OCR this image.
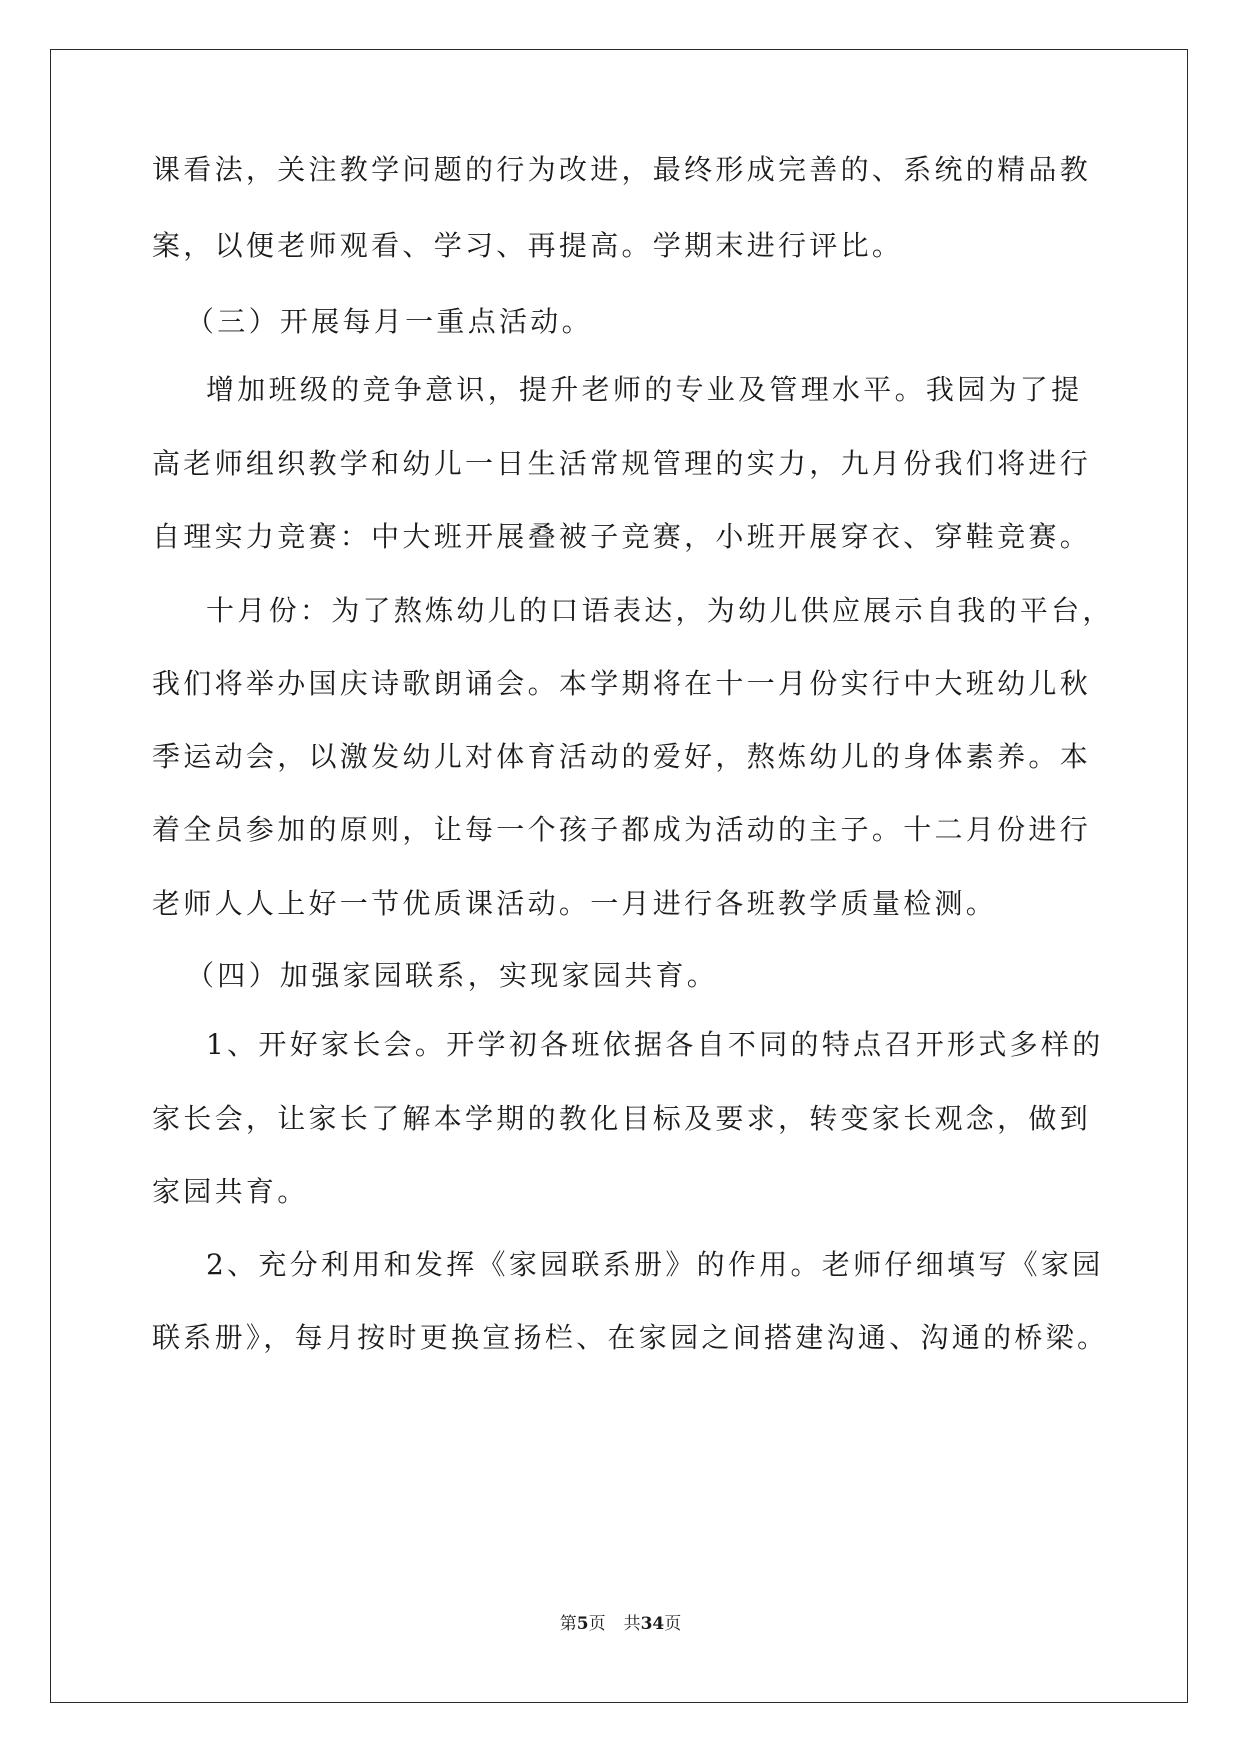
课看法，关注教学问题的行为改进，最终形成完善的、系统的精品教
案，以便老师观看、学习、再提高。学期末进行评比。
（三）开展每月一重点活动。
增加班级的竞争意识，提升老师的专业及管理水平。我园为了提
高老师组织教学和幼儿一日生活常规管理的实力，九月份我们将进行
自理实力竞赛：中大班开展叠被子竞赛，小班开展穿衣、穿鞋竞赛。
十月份：为了熬炼幼儿的口语表达，为幼儿供应展示自我的平台，
我们将举办国庆诗歌朗诵会。本学期将在十一月份实行中大班幼儿秋
季运动会，以激发幼儿对体育活动的爱好，熬炼幼儿的身体素养。本
着全员参加的原则，让每一个孩子都成为活动的主子。十二月份进行
老师人人上好一节优质课活动。一月进行各班教学质量检测。
（四）加强家园联系，实现家园共育。
1、开好家长会。开学初各班依据各自不同的特点召开形式多样的
家长会，让家长了解本学期的教化目标及要求，转变家长观念，做到
家园共育。
2、充分利用和发挥《家园联系册》的作用。老师仔细填写《家园
联系册》，每月按时更换宣扬栏、在家园之间搭建沟通、沟通的桥梁。
第5页 共34页
